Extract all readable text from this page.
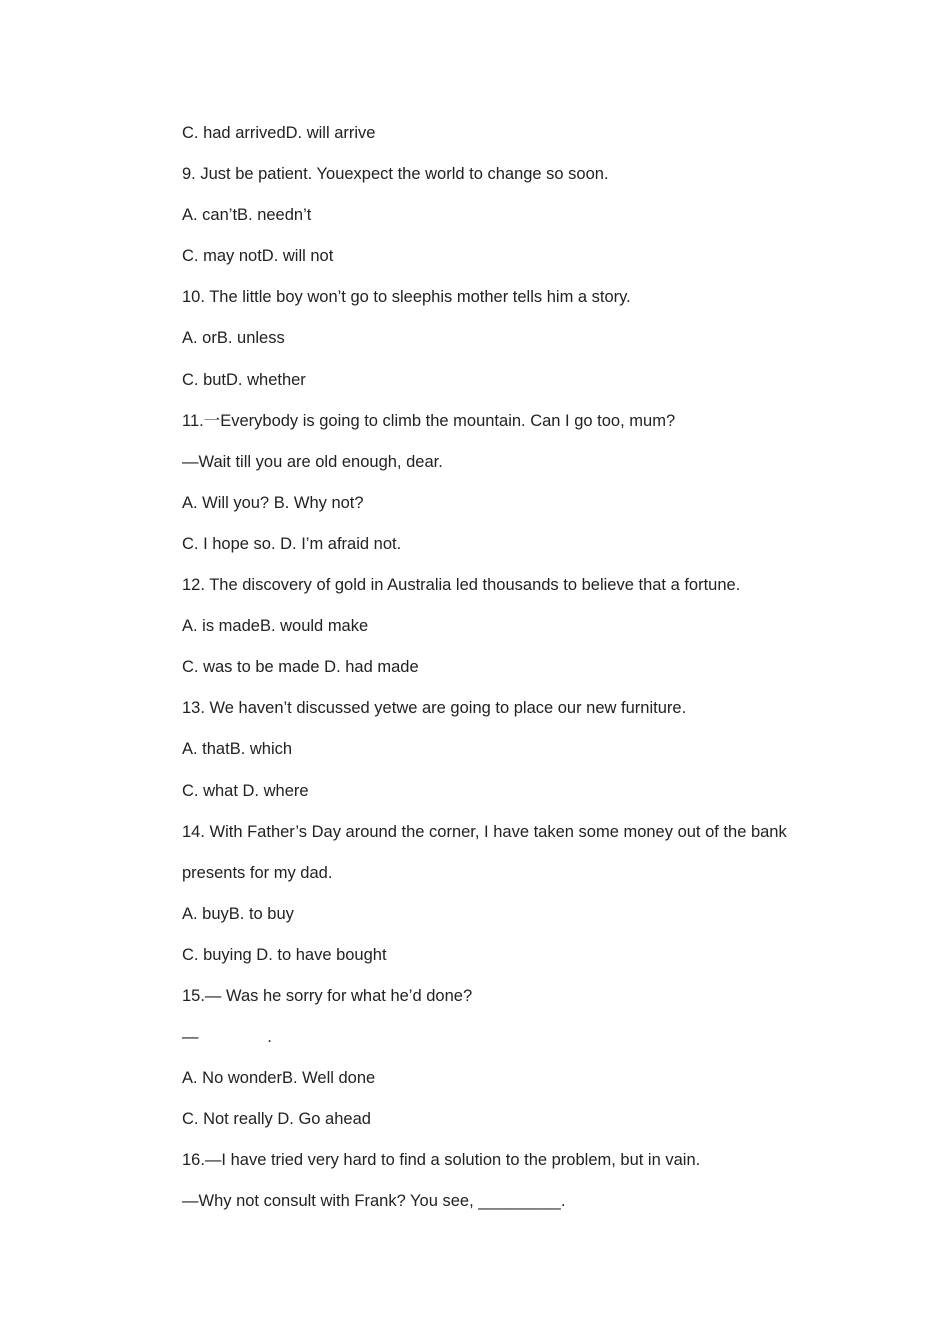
C. had arrivedD. will arrive
9. Just be patient. Youexpect the world to change so soon.
A. can’tB. needn’t
C. may notD. will not
10. The little boy won’t go to sleephis mother tells him a story.
A. orB. unless
C. butD. whether
11.一Everybody is going to climb the mountain. Can I go too, mum?
—Wait till you are old enough, dear.
A. Will you? B. Why not?
C. I hope so. D. I’m afraid not.
12. The discovery of gold in Australia led thousands to believe that a fortune.
A. is madeB. would make
C. was to be made D. had made
13. We haven’t discussed yetwe are going to place our new furniture.
A. thatB. which
C. what D. where
14. With Father’s Day around the corner, I have taken some money out of the bank
presents for my dad.
A. buyB. to buy
C. buying D. to have bought
15.— Was he sorry for what he’d done?
—               .
A. No wonderB. Well done
C. Not really D. Go ahead
16.—I have tried very hard to find a solution to the problem, but in vain.
—Why not consult with Frank? You see, _________.
